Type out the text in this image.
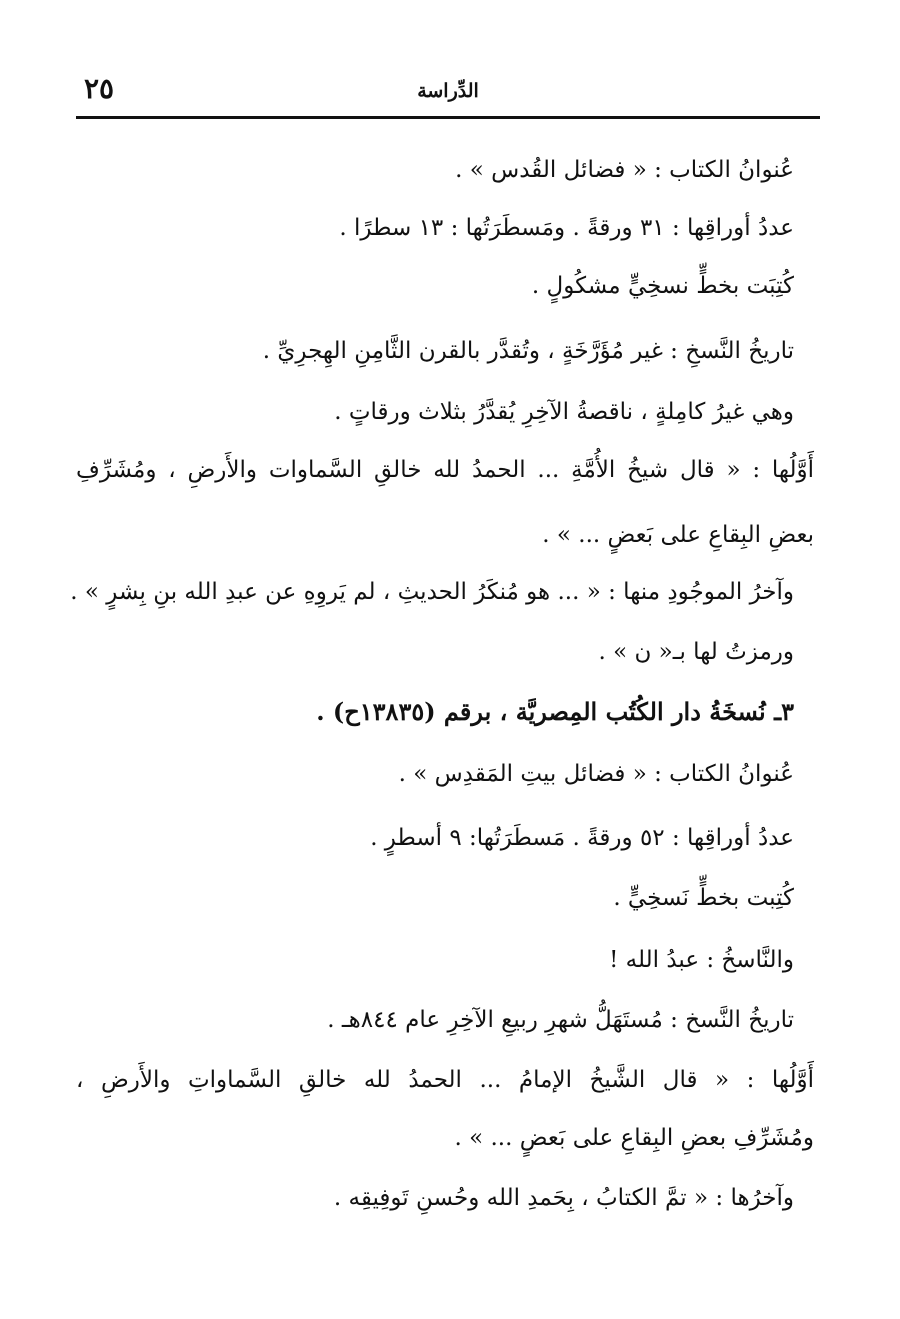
٢٥	الدِّراسة
عُنوانُ الكتاب : « فضائل القُدس » .
عددُ أوراقِها : ٣١ ورقةً . ومَسطَرَتُها : ١٣ سطرًا .
كُتِبَت بخطٍّ نسخِيٍّ مشكُولٍ .
تاريخُ النَّسخِ : غير مُؤَرَّخَةٍ ، وتُقدَّر بالقرن الثَّامِنِ الهِجرِيِّ .
وهي غيرُ كامِلةٍ ، ناقصةُ الآخِرِ يُقدَّرُ بثلاث ورقاتٍ .
أَوَّلُها : « قال شيخُ الأُمَّةِ ... الحمدُ لله خالقِ السَّماوات والأَرضِ ، ومُشَرِّفِ
بعضِ البِقاعِ على بَعضٍ ... » .
وآخرُ الموجُودِ منها : « ... هو مُنكَرُ الحديثِ ، لم يَروِهِ عن عبدِ الله بنِ بِشرٍ » .
ورمزتُ لها بـ« ن » .
٣ـ نُسخَةُ دار الكُتُب المِصريَّة ، برقم (١٣٨٣٥ح) .
عُنوانُ الكتاب : « فضائل بيتِ المَقدِس » .
عددُ أوراقِها : ٥٢ ورقةً . مَسطَرَتُها: ٩ أسطرٍ .
كُتِبت بخطٍّ نَسخِيٍّ .
والنَّاسخُ : عبدُ الله !
تاريخُ النَّسخ : مُستَهَلُّ شهرِ ربيعِ الآخِرِ عام ٨٤٤هـ .
أَوَّلُها : « قال الشَّيخُ الإمامُ ... الحمدُ لله خالقِ السَّماواتِ والأَرضِ ،
ومُشَرِّفِ بعضِ البِقاعِ على بَعضٍ ... » .
وآخرُها : « تمَّ الكتابُ ، بِحَمدِ الله وحُسنِ تَوفِيقِه .
